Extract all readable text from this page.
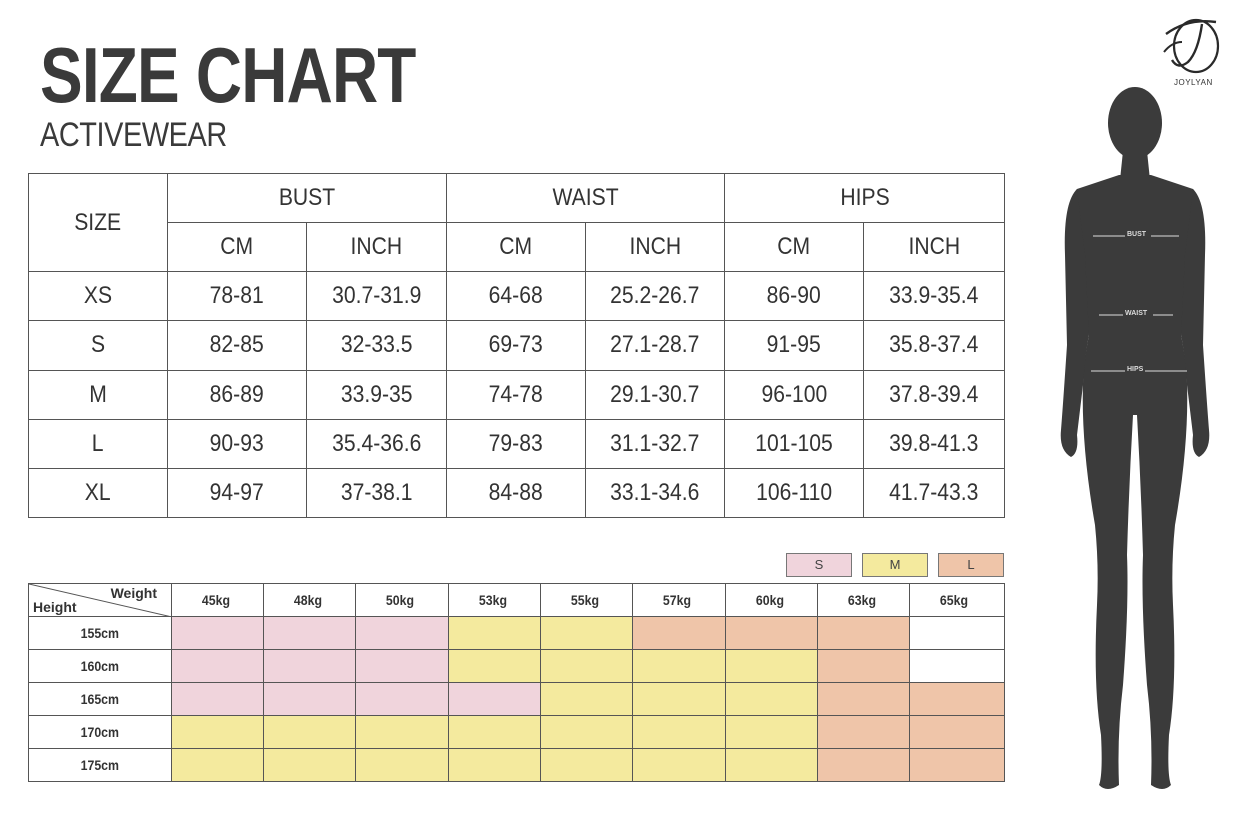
SIZE CHART
ACTIVEWEAR
SIZE	BUST		WAIST		HIPS	
	CM	INCH	CM	INCH	CM	INCH
XS	78-81	30.7-31.9	64-68	25.2-26.7	86-90	33.9-35.4
S	82-85	32-33.5	69-73	27.1-28.7	91-95	35.8-37.4
M	86-89	33.9-35	74-78	29.1-30.7	96-100	37.8-39.4
L	90-93	35.4-36.6	79-83	31.1-32.7	101-105	39.8-41.3
XL	94-97	37-38.1	84-88	33.1-34.6	106-110	41.7-43.3
S	M	L
Weight
Height	45kg	48kg	50kg	53kg	55kg	57kg	60kg	63kg	65kg
155cm									
160cm									
165cm									
170cm									
175cm									
JOYLYAN
BUST
WAIST
HIPS
